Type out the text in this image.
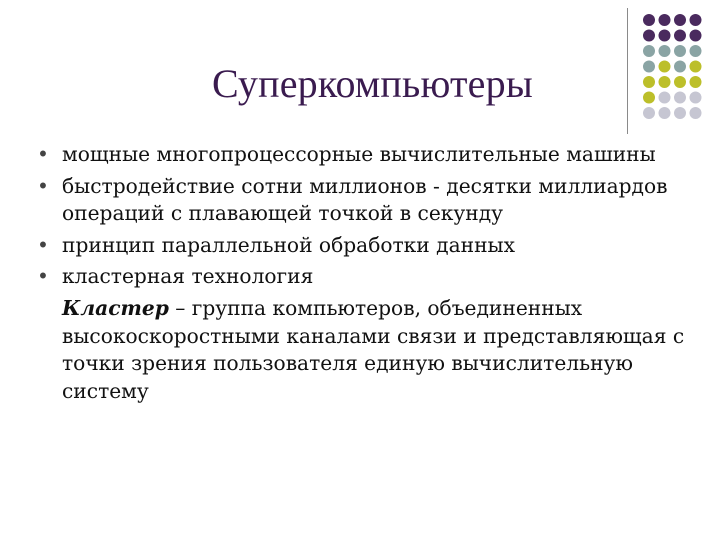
Суперкомпьютеры
• мощные многопроцессорные вычислительные машины
• быстродействие сотни миллионов - десятки миллиардов операций с плавающей точкой в секунду
• принцип параллельной обработки данных
• кластерная технология
Кластер – группа компьютеров, объединенных высокоскоростными каналами связи и представляющая с точки зрения пользователя единую вычислительную систему
